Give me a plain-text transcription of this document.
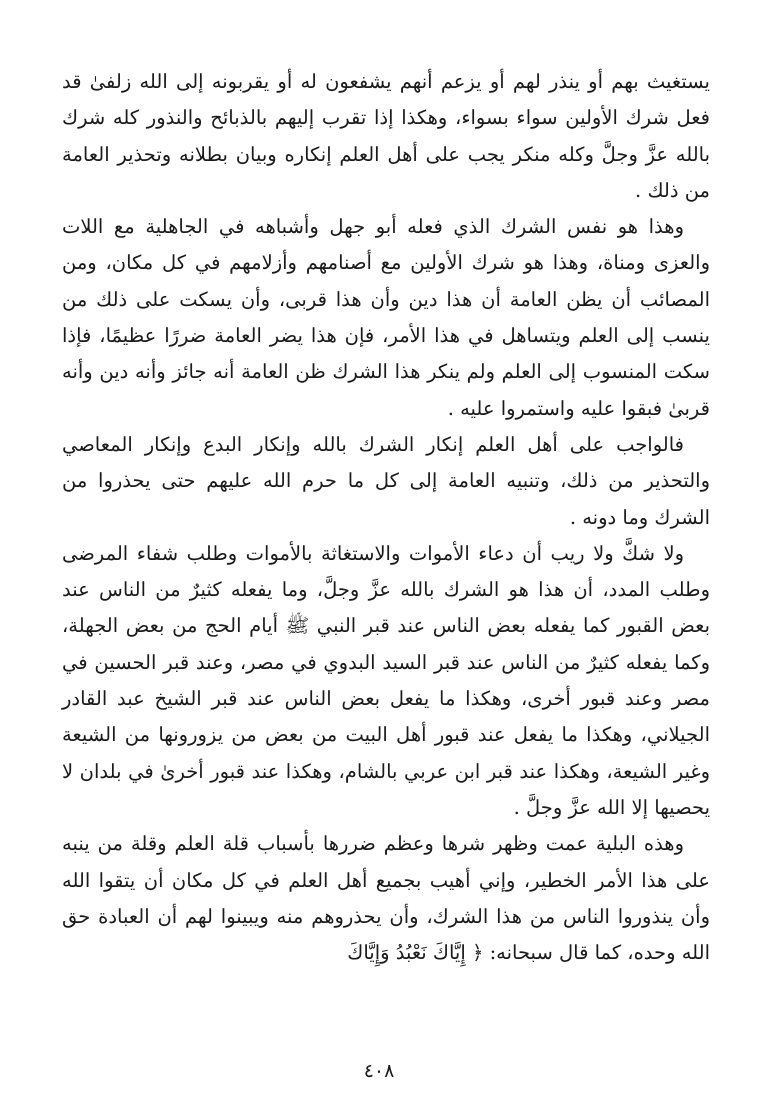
يستغيث بهم أو ينذر لهم أو يزعم أنهم يشفعون له أو يقربونه إلى الله زلفىٰ قد فعل شرك الأولين سواء بسواء، وهكذا إذا تقرب إليهم بالذبائح والنذور كله شرك بالله عزَّ وجلَّ وكله منكر يجب على أهل العلم إنكاره وبيان بطلانه وتحذير العامة من ذلك .

وهذا هو نفس الشرك الذي فعله أبو جهل وأشباهه في الجاهلية مع اللات والعزى ومناة، وهذا هو شرك الأولين مع أصنامهم وأزلامهم في كل مكان، ومن المصائب أن يظن العامة أن هذا دين وأن هذا قربى، وأن يسكت على ذلك من ينسب إلى العلم ويتساهل في هذا الأمر، فإن هذا يضر العامة ضررًا عظيمًا، فإذا سكت المنسوب إلى العلم ولم ينكر هذا الشرك ظن العامة أنه جائز وأنه دين وأنه قربىٰ فبقوا عليه واستمروا عليه .

فالواجب على أهل العلم إنكار الشرك بالله وإنكار البدع وإنكار المعاصي والتحذير من ذلك، وتنبيه العامة إلى كل ما حرم الله عليهم حتى يحذروا من الشرك وما دونه .

ولا شكَّ ولا ريب أن دعاء الأموات والاستغاثة بالأموات وطلب شفاء المرضى وطلب المدد، أن هذا هو الشرك بالله عزَّ وجلَّ، وما يفعله كثيرٌ من الناس عند بعض القبور كما يفعله بعض الناس عند قبر النبي ﷺ أيام الحج من بعض الجهلة، وكما يفعله كثيرٌ من الناس عند قبر السيد البدوي في مصر، وعند قبر الحسين في مصر وعند قبور أخرى، وهكذا ما يفعل بعض الناس عند قبر الشيخ عبد القادر الجيلاني، وهكذا ما يفعل عند قبور أهل البيت من بعض من يزورونها من الشيعة وغير الشيعة، وهكذا عند قبر ابن عربي بالشام، وهكذا عند قبور أخرىٰ في بلدان لا يحصيها إلا الله عزَّ وجلَّ .

وهذه البلية عمت وظهر شرها وعظم ضررها بأسباب قلة العلم وقلة من ينبه على هذا الأمر الخطير، وإني أهيب بجميع أهل العلم في كل مكان أن يتقوا الله وأن ينذوروا الناس من هذا الشرك، وأن يحذروهم منه ويبينوا لهم أن العبادة حق الله وحده، كما قال سبحانه: ﴿ إِيَّاكَ نَعْبُدُ وَإِيَّاكَ

٤٠٨
